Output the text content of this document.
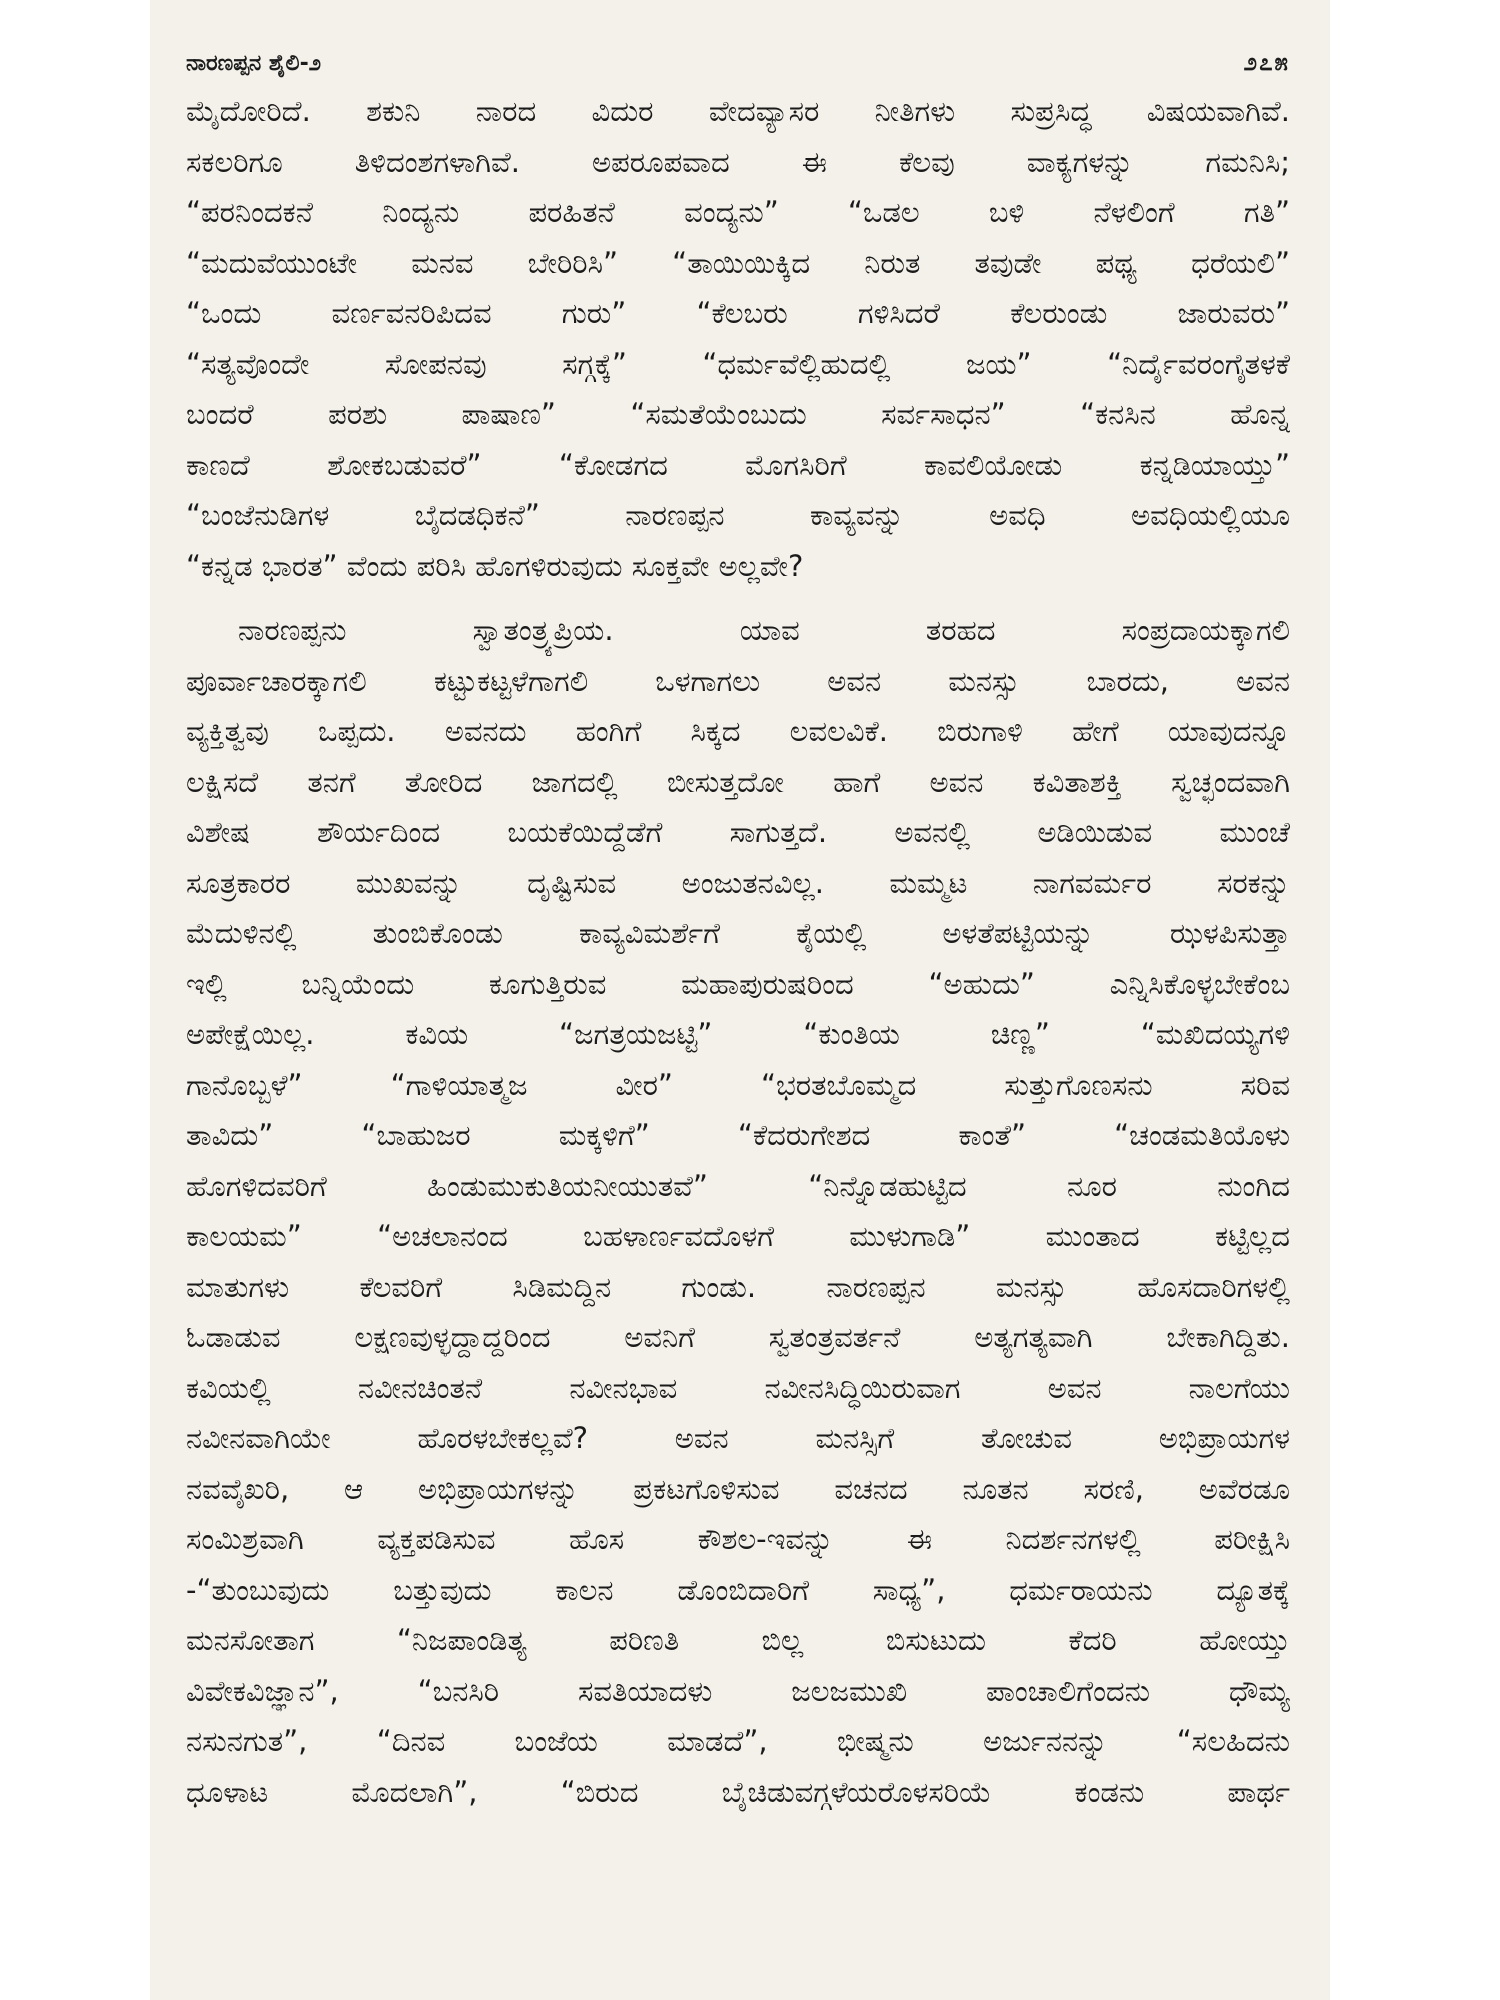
ನಾರಣಪ್ಪನ ಶೈಲಿ-೨	೨೭೫
ಮೈದೋರಿದೆ. ಶಕುನಿ ನಾರದ ವಿದುರ ವೇದವ್ಯಾಸರ ನೀತಿಗಳು ಸುಪ್ರಸಿದ್ಧ ವಿಷಯವಾಗಿವೆ.
ಸಕಲರಿಗೂ ತಿಳಿದಂಶಗಳಾಗಿವೆ. ಅಪರೂಪವಾದ ಈ ಕೆಲವು ವಾಕ್ಯಗಳನ್ನು ಗಮನಿಸಿ;
“ಪರನಿಂದಕನೆ ನಿಂದ್ಯನು ಪರಹಿತನೆ ವಂದ್ಯನು” “ಒಡಲ ಬಳಿ ನೆಳಲಿಂಗೆ ಗತಿ”
“ಮದುವೆಯುಂಟೇ ಮನವ ಬೇರಿರಿಸಿ” “ತಾಯಿಯಿಕ್ಕಿದ ನಿರುತ ತವುಡೇ ಪಥ್ಯ ಧರೆಯಲಿ”
“ಒಂದು ವರ್ಣವನರಿಪಿದವ ಗುರು” “ಕೆಲಬರು ಗಳಿಸಿದರೆ ಕೆಲರುಂಡು ಜಾರುವರು”
“ಸತ್ಯವೊಂದೇ ಸೋಪನವು ಸಗ್ಗಕ್ಕೆ” “ಧರ್ಮವೆಲ್ಲಿಹುದಲ್ಲಿ ಜಯ” “ನಿರ್ದೈವರಂಗೈತಳಕೆ
ಬಂದರೆ ಪರಶು ಪಾಷಾಣ” “ಸಮತೆಯೆಂಬುದು ಸರ್ವಸಾಧನ” “ಕನಸಿನ ಹೊನ್ನ
ಕಾಣದೆ ಶೋಕಬಡುವರೆ” “ಕೋಡಗದ ಮೊಗಸಿರಿಗೆ ಕಾವಲಿಯೋಡು ಕನ್ನಡಿಯಾಯ್ತು”
“ಬಂಜೆನುಡಿಗಳ ಬೈದಡಧಿಕನೆ” ನಾರಣಪ್ಪನ ಕಾವ್ಯವನ್ನು ಅವಧಿ ಅವಧಿಯಲ್ಲಿಯೂ
“ಕನ್ನಡ ಭಾರತ” ವೆಂದು ಪರಿಸಿ ಹೊಗಳಿರುವುದು ಸೂಕ್ತವೇ ಅಲ್ಲವೇ?
ನಾರಣಪ್ಪನು ಸ್ವಾತಂತ್ರ್ಯಪ್ರಿಯ. ಯಾವ ತರಹದ ಸಂಪ್ರದಾಯಕ್ಕಾಗಲಿ
ಪೂರ್ವಾಚಾರಕ್ಕಾಗಲಿ ಕಟ್ಟುಕಟ್ಟಳೆಗಾಗಲಿ ಒಳಗಾಗಲು ಅವನ ಮನಸ್ಸು ಬಾರದು, ಅವನ
ವ್ಯಕ್ತಿತ್ವವು ಒಪ್ಪದು. ಅವನದು ಹಂಗಿಗೆ ಸಿಕ್ಕದ ಲವಲವಿಕೆ. ಬಿರುಗಾಳಿ ಹೇಗೆ ಯಾವುದನ್ನೂ
ಲಕ್ಷಿಸದೆ ತನಗೆ ತೋರಿದ ಜಾಗದಲ್ಲಿ ಬೀಸುತ್ತದೋ ಹಾಗೆ ಅವನ ಕವಿತಾಶಕ್ತಿ ಸ್ವಚ್ಛಂದವಾಗಿ
ವಿಶೇಷ ಶೌರ್ಯದಿಂದ ಬಯಕೆಯಿದ್ದೆಡೆಗೆ ಸಾಗುತ್ತದೆ. ಅವನಲ್ಲಿ ಅಡಿಯಿಡುವ ಮುಂಚೆ
ಸೂತ್ರಕಾರರ ಮುಖವನ್ನು ದೃಷ್ಟಿಸುವ ಅಂಜುತನವಿಲ್ಲ. ಮಮ್ಮಟ ನಾಗವರ್ಮರ ಸರಕನ್ನು
ಮೆದುಳಿನಲ್ಲಿ ತುಂಬಿಕೊಂಡು ಕಾವ್ಯವಿಮರ್ಶೆಗೆ ಕೈಯಲ್ಲಿ ಅಳತೆಪಟ್ಟಿಯನ್ನು ಝಳಪಿಸುತ್ತಾ
ಇಲ್ಲಿ ಬನ್ನಿಯೆಂದು ಕೂಗುತ್ತಿರುವ ಮಹಾಪುರುಷರಿಂದ “ಅಹುದು” ಎನ್ನಿಸಿಕೊಳ್ಳಬೇಕೆಂಬ
ಅಪೇಕ್ಷೆಯಿಲ್ಲ. ಕವಿಯ “ಜಗತ್ರಯಜಟ್ಟಿ” “ಕುಂತಿಯ ಚಿಣ್ಣ” “ಮಖಿದಯ್ಯಗಳಿ
ಗಾನೊಬ್ಬಳೆ” “ಗಾಳಿಯಾತ್ಮಜ ವೀರ” “ಭರತಬೊಮ್ಮದ ಸುತ್ತುಗೊಣಸನು ಸರಿವ
ತಾವಿದು” “ಬಾಹುಜರ ಮಕ್ಕಳಿಗೆ” “ಕೆದರುಗೇಶದ ಕಾಂತೆ” “ಚಂಡಮತಿಯೊಳು
ಹೊಗಳಿದವರಿಗೆ ಹಿಂಡುಮುಕುತಿಯನೀಯುತವೆ” “ನಿನ್ನೊಡಹುಟ್ಟಿದ ನೂರ ನುಂಗಿದ
ಕಾಲಯಮ” “ಅಚಲಾನಂದ ಬಹಳಾರ್ಣವದೊಳಗೆ ಮುಳುಗಾಡಿ” ಮುಂತಾದ ಕಟ್ಟಿಲ್ಲದ
ಮಾತುಗಳು ಕೆಲವರಿಗೆ ಸಿಡಿಮದ್ದಿನ ಗುಂಡು. ನಾರಣಪ್ಪನ ಮನಸ್ಸು ಹೊಸದಾರಿಗಳಲ್ಲಿ
ಓಡಾಡುವ ಲಕ್ಷಣವುಳ್ಳದ್ದಾದ್ದರಿಂದ ಅವನಿಗೆ ಸ್ವತಂತ್ರವರ್ತನೆ ಅತ್ಯಗತ್ಯವಾಗಿ ಬೇಕಾಗಿದ್ದಿತು.
ಕವಿಯಲ್ಲಿ ನವೀನಚಿಂತನೆ ನವೀನಭಾವ ನವೀನಸಿದ್ಧಿಯಿರುವಾಗ ಅವನ ನಾಲಗೆಯು
ನವೀನವಾಗಿಯೇ ಹೊರಳಬೇಕಲ್ಲವೆ? ಅವನ ಮನಸ್ಸಿಗೆ ತೋಚುವ ಅಭಿಪ್ರಾಯಗಳ
ನವವೈಖರಿ, ಆ ಅಭಿಪ್ರಾಯಗಳನ್ನು ಪ್ರಕಟಗೊಳಿಸುವ ವಚನದ ನೂತನ ಸರಣಿ, ಅವೆರಡೂ
ಸಂಮಿಶ್ರವಾಗಿ ವ್ಯಕ್ತಪಡಿಸುವ ಹೊಸ ಕೌಶಲ-ಇವನ್ನು ಈ ನಿದರ್ಶನಗಳಲ್ಲಿ ಪರೀಕ್ಷಿಸಿ
-“ತುಂಬುವುದು ಬತ್ತುವುದು ಕಾಲನ ಡೊಂಬಿದಾರಿಗೆ ಸಾಧ್ಯ”, ಧರ್ಮರಾಯನು ದ್ಯೂತಕ್ಕೆ
ಮನಸೋತಾಗ “ನಿಜಪಾಂಡಿತ್ಯ ಪರಿಣತಿ ಬಿಲ್ಲ ಬಿಸುಟುದು ಕೆದರಿ ಹೋಯ್ತು
ವಿವೇಕವಿಜ್ಞಾನ”, “ಬನಸಿರಿ ಸವತಿಯಾದಳು ಜಲಜಮುಖಿ ಪಾಂಚಾಲಿಗೆಂದನು ಧೌಮ್ಯ
ನಸುನಗುತ”, “ದಿನವ ಬಂಜೆಯ ಮಾಡದೆ”, ಭೀಷ್ಮನು ಅರ್ಜುನನನ್ನು “ಸಲಹಿದನು
ಧೂಳಾಟ ಮೊದಲಾಗಿ”, “ಬಿರುದ ಬೈಚಿಡುವಗ್ಗಳೆಯರೊಳಸರಿಯೆ ಕಂಡನು ಪಾರ್ಥ
